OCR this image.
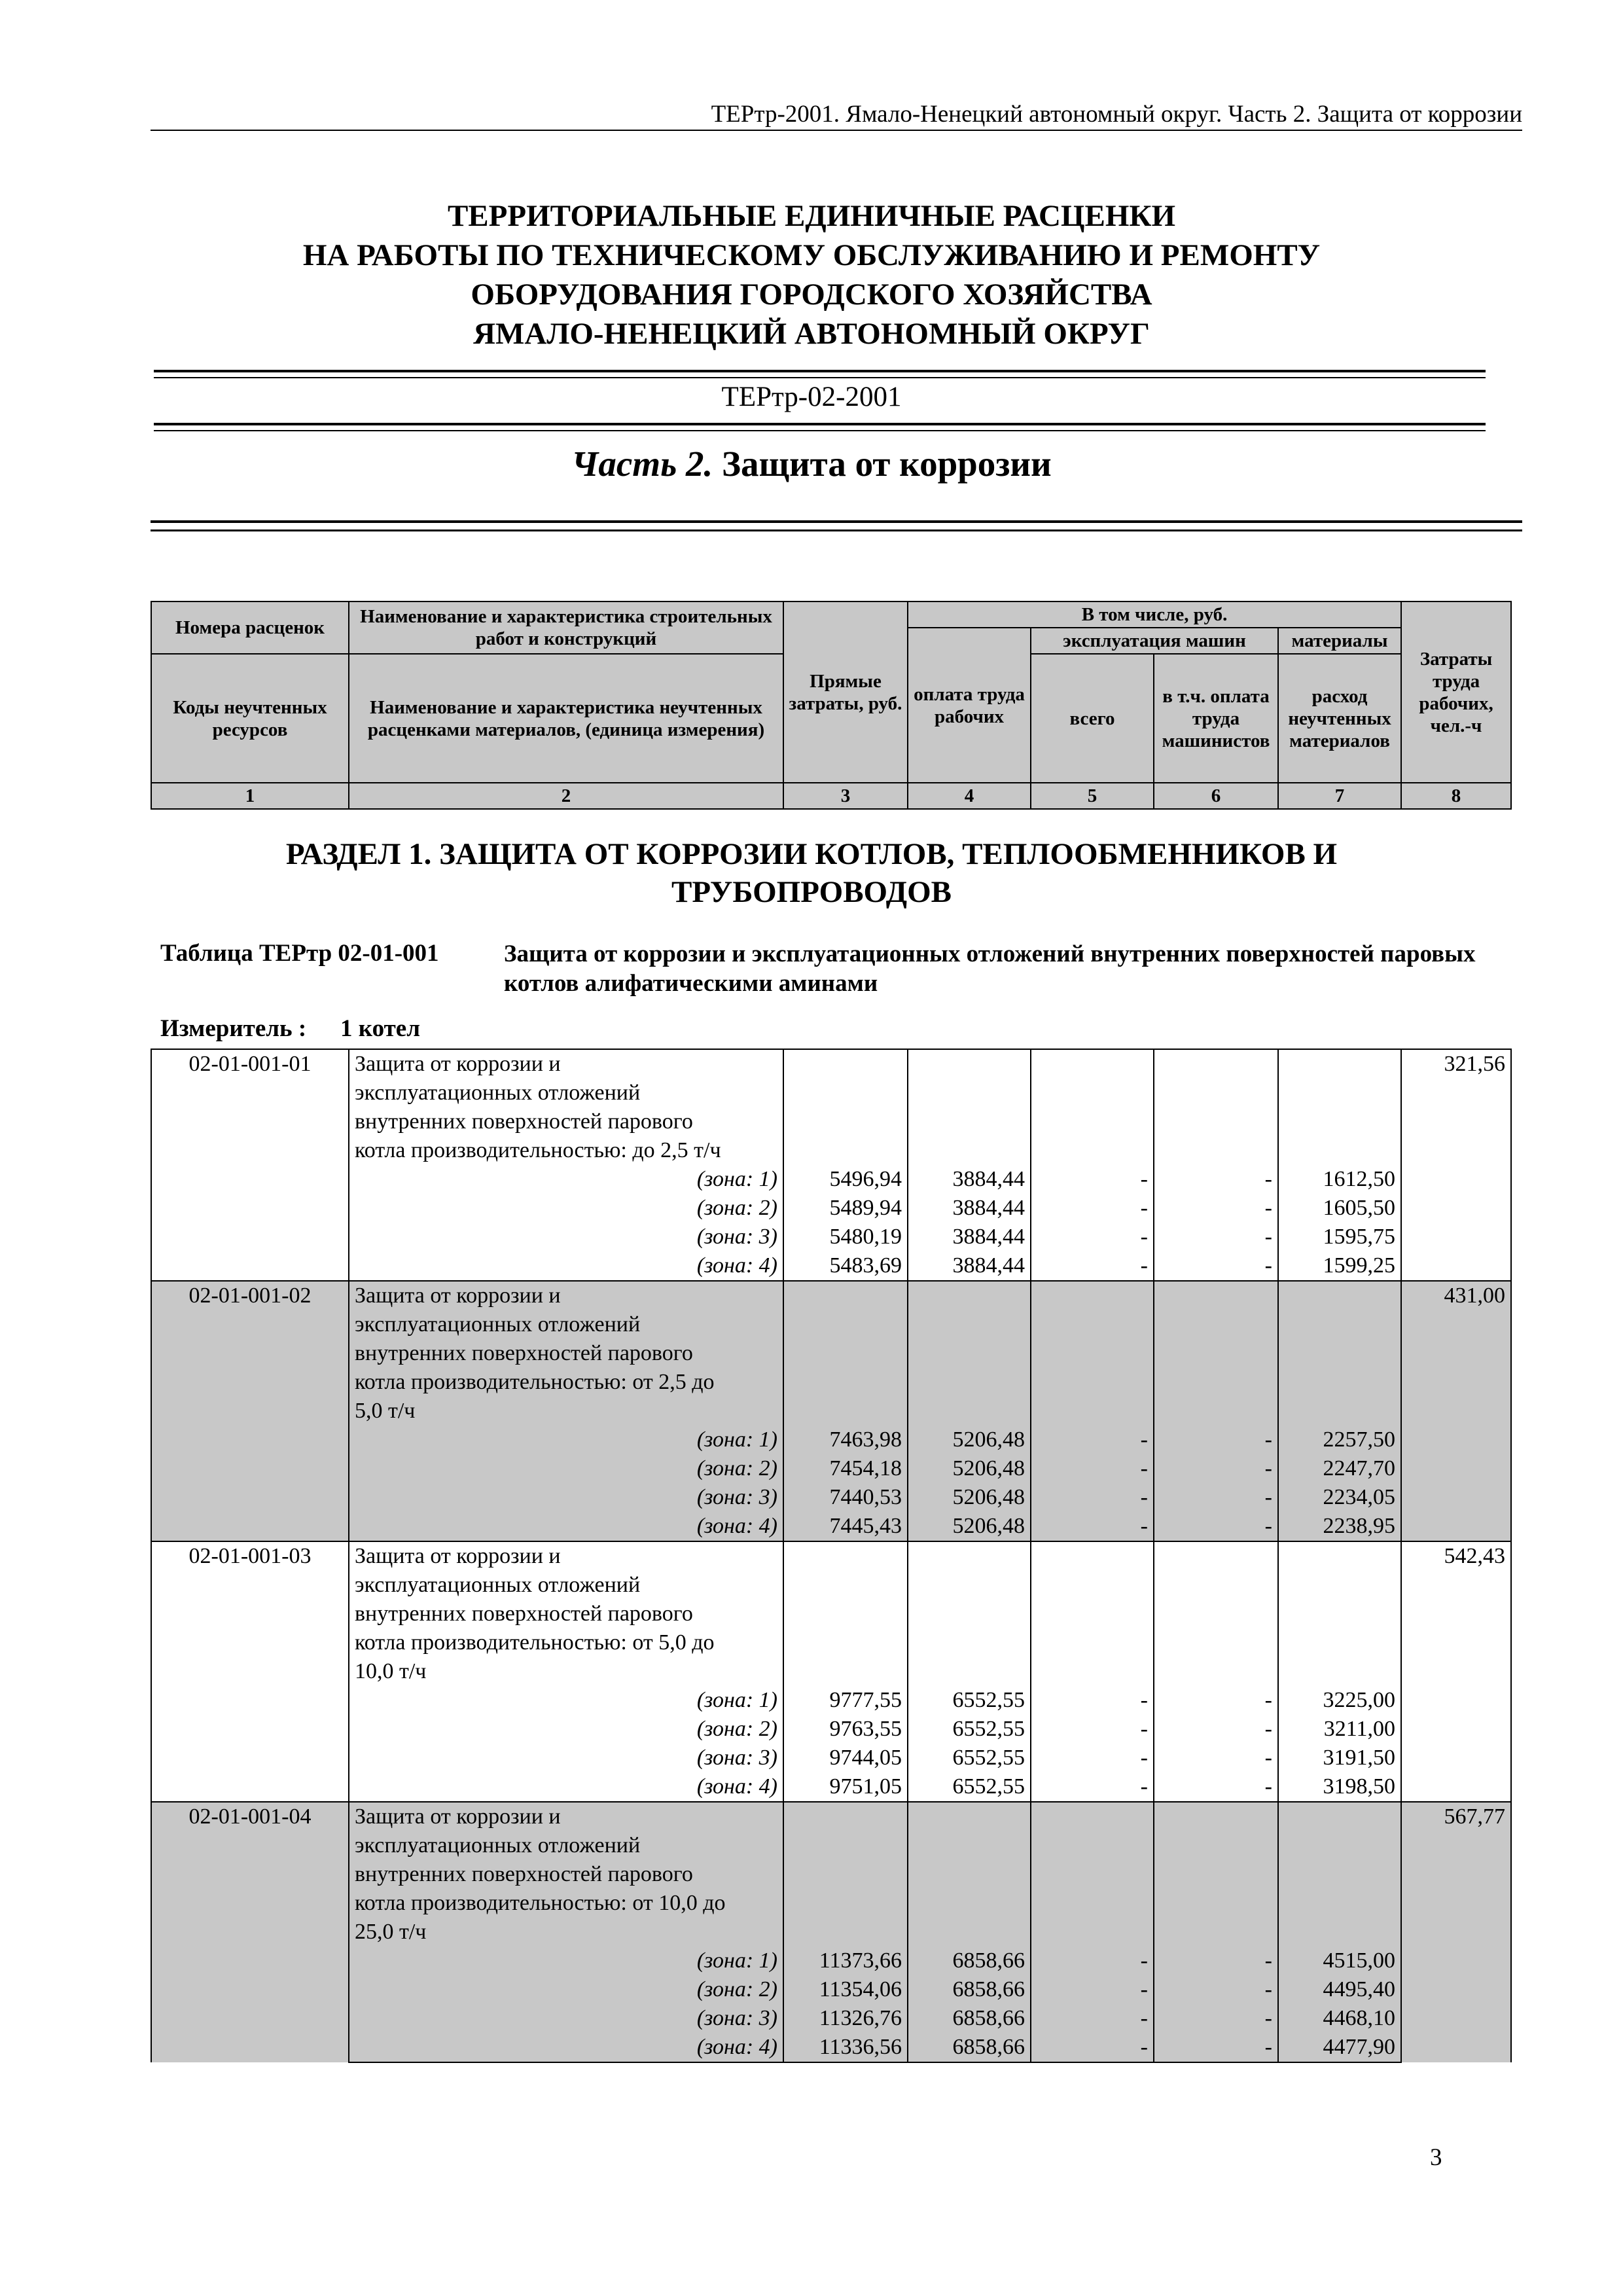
ТЕРтр-2001. Ямало-Ненецкий автономный округ. Часть 2. Защита от коррозии
ТЕРРИТОРИАЛЬНЫЕ ЕДИНИЧНЫЕ РАСЦЕНКИ
НА РАБОТЫ ПО ТЕХНИЧЕСКОМУ ОБСЛУЖИВАНИЮ И РЕМОНТУ
ОБОРУДОВАНИЯ ГОРОДСКОГО ХОЗЯЙСТВА
ЯМАЛО-НЕНЕЦКИЙ АВТОНОМНЫЙ ОКРУГ
ТЕРтр-02-2001
Часть 2. Защита от коррозии
Номера расценок	Наименование и характеристика строительных работ и конструкций	Прямые затраты, руб.	В том числе, руб.				Затраты труда рабочих, чел.-ч
			оплата труда рабочих	эксплуатация машин		материалы	
Коды неучтенных ресурсов	Наименование и характеристика неучтенных расценками материалов, (единица измерения)			всего	в т.ч. оплата труда машинистов	расход неучтенных материалов	
1	2	3	4	5	6	7	8
РАЗДЕЛ 1. ЗАЩИТА ОТ КОРРОЗИИ КОТЛОВ, ТЕПЛООБМЕННИКОВ И
ТРУБОПРОВОДОВ
Таблица ТЕРтр 02-01-001	Защита от коррозии и эксплуатационных отложений внутренних поверхностей паровых котлов алифатическими аминами
Измеритель : 1 котел
02-01-001-01	Защита от коррозии и						321,56
	эксплуатационных отложений						
	внутренних поверхностей парового						
	котла производительностью: до 2,5 т/ч						
	(зона: 1)	5496,94	3884,44	-	-	1612,50	
	(зона: 2)	5489,94	3884,44	-	-	1605,50	
	(зона: 3)	5480,19	3884,44	-	-	1595,75	
	(зона: 4)	5483,69	3884,44	-	-	1599,25	
02-01-001-02	Защита от коррозии и						431,00
	эксплуатационных отложений						
	внутренних поверхностей парового						
	котла производительностью: от 2,5 до						
	5,0 т/ч						
	(зона: 1)	7463,98	5206,48	-	-	2257,50	
	(зона: 2)	7454,18	5206,48	-	-	2247,70	
	(зона: 3)	7440,53	5206,48	-	-	2234,05	
	(зона: 4)	7445,43	5206,48	-	-	2238,95	
02-01-001-03	Защита от коррозии и						542,43
	эксплуатационных отложений						
	внутренних поверхностей парового						
	котла производительностью: от 5,0 до						
	10,0 т/ч						
	(зона: 1)	9777,55	6552,55	-	-	3225,00	
	(зона: 2)	9763,55	6552,55	-	-	3211,00	
	(зона: 3)	9744,05	6552,55	-	-	3191,50	
	(зона: 4)	9751,05	6552,55	-	-	3198,50	
02-01-001-04	Защита от коррозии и						567,77
	эксплуатационных отложений						
	внутренних поверхностей парового						
	котла производительностью: от 10,0 до						
	25,0 т/ч						
	(зона: 1)	11373,66	6858,66	-	-	4515,00	
	(зона: 2)	11354,06	6858,66	-	-	4495,40	
	(зона: 3)	11326,76	6858,66	-	-	4468,10	
	(зона: 4)	11336,56	6858,66	-	-	4477,90	
3
